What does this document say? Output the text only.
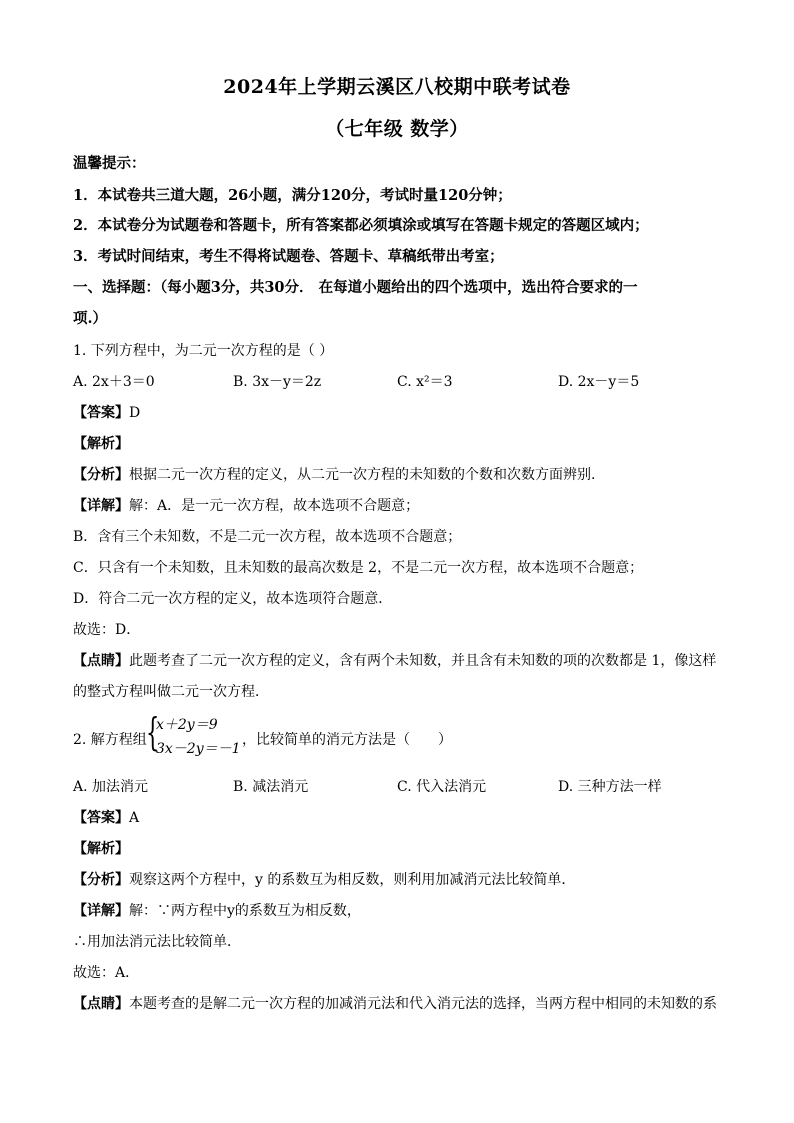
2024年上学期云溪区八校期中联考试卷
（七年级 数学）
温馨提示：
1．本试卷共三道大题，26小题，满分120分，考试时量120分钟；
2．本试卷分为试题卷和答题卡，所有答案都必须填涂或填写在答题卡规定的答题区域内；
3．考试时间结束，考生不得将试题卷、答题卡、草稿纸带出考室；
一、选择题：（每小题3分，共30分． 在每道小题给出的四个选项中，选出符合要求的一
项.）
1. 下列方程中，为二元一次方程的是（ ）
A. 2x＋3＝0	B. 3x－y＝2z	C. x²＝3	D. 2x－y＝5
【答案】D
【解析】
【分析】根据二元一次方程的定义，从二元一次方程的未知数的个数和次数方面辨别.
【详解】解：A．是一元一次方程，故本选项不合题意；
B．含有三个未知数，不是二元一次方程，故本选项不合题意；
C．只含有一个未知数，且未知数的最高次数是 2，不是二元一次方程，故本选项不合题意；
D．符合二元一次方程的定义，故本选项符合题意．
故选：D．
【点睛】此题考查了二元一次方程的定义，含有两个未知数，并且含有未知数的项的次数都是 1，像这样
的整式方程叫做二元一次方程．
2. 解方程组 {
x＋2y＝9
3x－2y＝－1
，比较简单的消元方法是（　　）
A. 加法消元	B. 减法消元	C. 代入法消元	D. 三种方法一样
【答案】A
【解析】
【分析】观察这两个方程中，y 的系数互为相反数，则利用加减消元法比较简单．
【详解】解：∵两方程中y的系数互为相反数，
∴用加法消元法比较简单．
故选：A．
【点睛】本题考查的是解二元一次方程的加减消元法和代入消元法的选择，当两方程中相同的未知数的系
